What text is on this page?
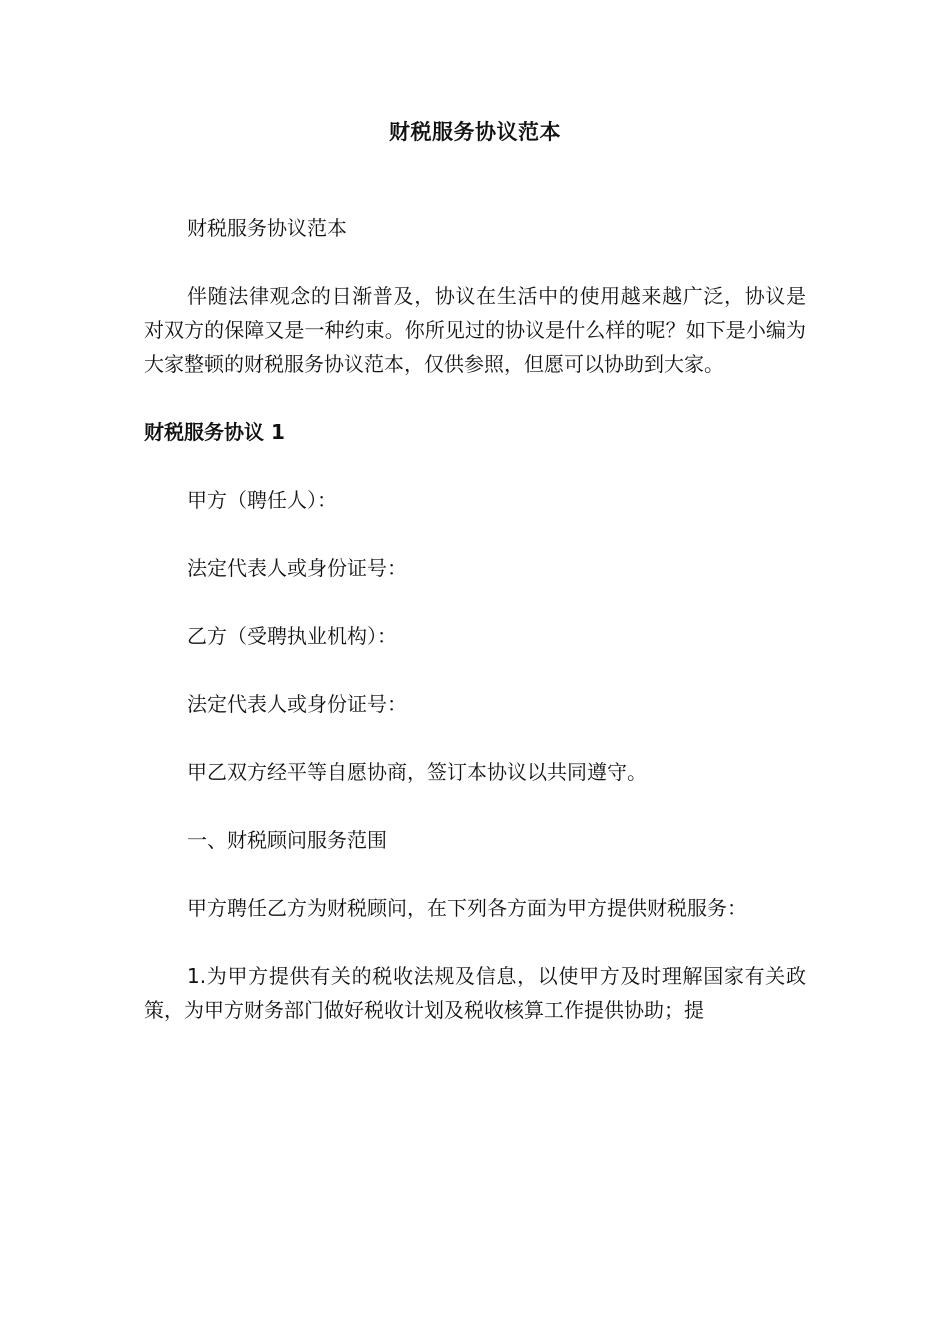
财税服务协议范本

财税服务协议范本

伴随法律观念的日渐普及，协议在生活中的使用越来越广泛，协议是对双方的保障又是一种约束。你所见过的协议是什么样的呢？如下是小编为大家整顿的财税服务协议范本，仅供参照，但愿可以协助到大家。

财税服务协议 1

甲方（聘任人）：

法定代表人或身份证号：

乙方（受聘执业机构）：

法定代表人或身份证号：

甲乙双方经平等自愿协商，签订本协议以共同遵守。

一、财税顾问服务范围

甲方聘任乙方为财税顾问，在下列各方面为甲方提供财税服务：

1.为甲方提供有关的税收法规及信息，以使甲方及时理解国家有关政策，为甲方财务部门做好税收计划及税收核算工作提供协助；提
